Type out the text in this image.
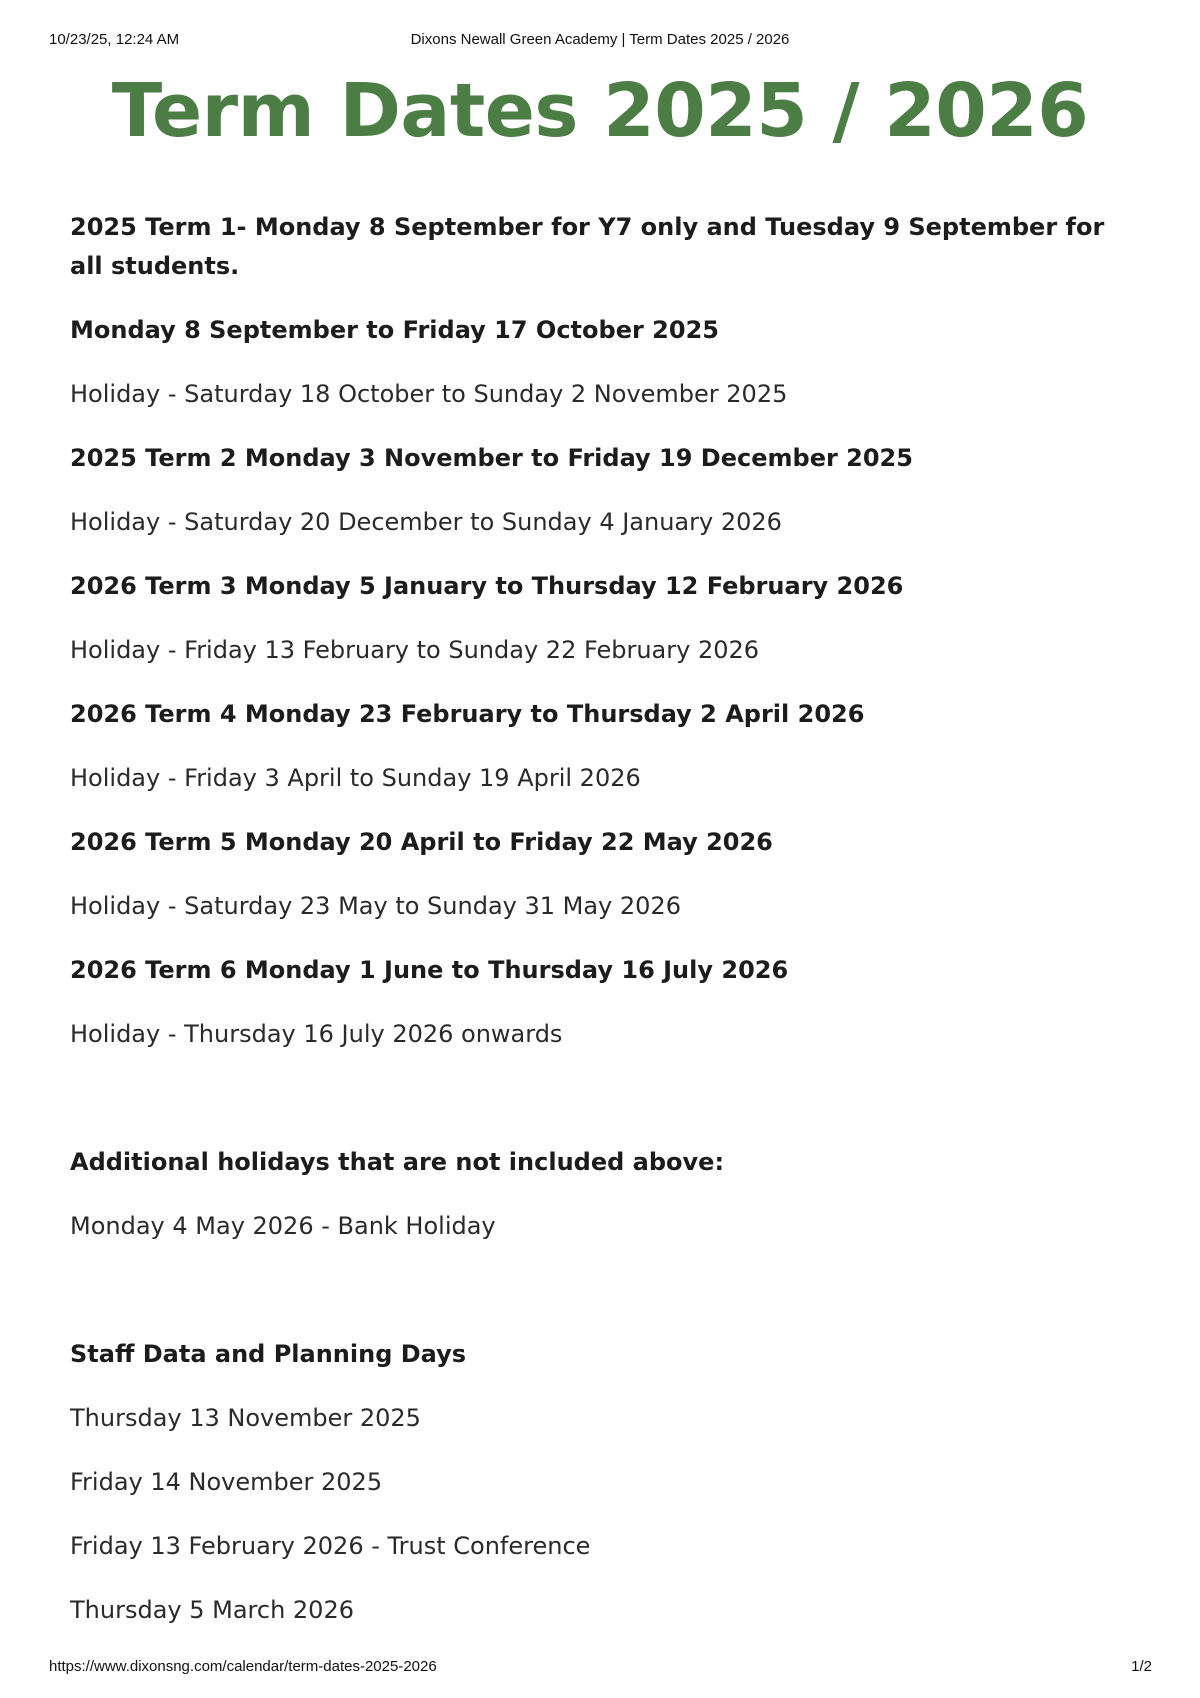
10/23/25, 12:24 AM	Dixons Newall Green Academy | Term Dates 2025 / 2026
Term Dates 2025 / 2026

2025 Term 1- Monday 8 September for Y7 only and Tuesday 9 September for all students.

Monday 8 September to Friday 17 October 2025

Holiday - Saturday 18 October to Sunday 2 November 2025

2025 Term 2 Monday 3 November to Friday 19 December 2025

Holiday - Saturday 20 December to Sunday 4 January 2026

2026 Term 3 Monday 5 January to Thursday 12 February 2026

Holiday - Friday 13 February to Sunday 22 February 2026

2026 Term 4 Monday 23 February to Thursday 2 April 2026

Holiday - Friday 3 April to Sunday 19 April 2026

2026 Term 5 Monday 20 April to Friday 22 May 2026

Holiday - Saturday 23 May to Sunday 31 May 2026

2026 Term 6 Monday 1 June to Thursday 16 July 2026

Holiday - Thursday 16 July 2026 onwards

Additional holidays that are not included above:

Monday 4 May 2026 - Bank Holiday

Staff Data and Planning Days

Thursday 13 November 2025

Friday 14 November 2025

Friday 13 February 2026 - Trust Conference

Thursday 5 March 2026

https://www.dixonsng.com/calendar/term-dates-2025-2026	1/2
